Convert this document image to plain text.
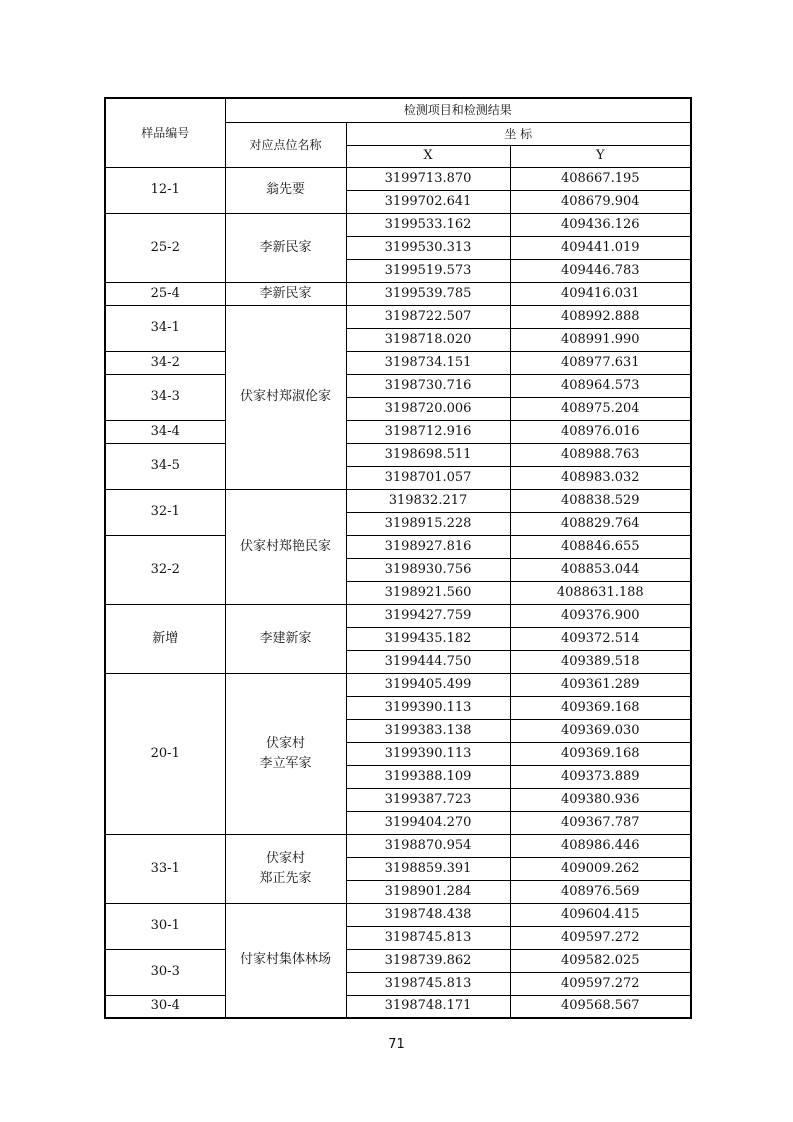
样品编号	检测项目和检测结果		
	对应点位名称	坐 标	
		X	Y
12-1	翁先要	3199713.870	408667.195
		3199702.641	408679.904
25-2	李新民家	3199533.162	409436.126
		3199530.313	409441.019
		3199519.573	409446.783
25-4	李新民家	3199539.785	409416.031
34-1	伏家村郑淑伦家	3198722.507	408992.888
		3198718.020	408991.990
34-2		3198734.151	408977.631
34-3		3198730.716	408964.573
		3198720.006	408975.204
34-4		3198712.916	408976.016
34-5		3198698.511	408988.763
		3198701.057	408983.032
32-1	伏家村郑艳民家	319832.217	408838.529
		3198915.228	408829.764
32-2		3198927.816	408846.655
		3198930.756	408853.044
		3198921.560	4088631.188
新增	李建新家	3199427.759	409376.900
		3199435.182	409372.514
		3199444.750	409389.518
20-1	伏家村
李立军家	3199405.499	409361.289
		3199390.113	409369.168
		3199383.138	409369.030
		3199390.113	409369.168
		3199388.109	409373.889
		3199387.723	409380.936
		3199404.270	409367.787
33-1	伏家村
郑正先家	3198870.954	408986.446
		3198859.391	409009.262
		3198901.284	408976.569
30-1	付家村集体林场	3198748.438	409604.415
		3198745.813	409597.272
30-3		3198739.862	409582.025
		3198745.813	409597.272
30-4		3198748.171	409568.567
71
